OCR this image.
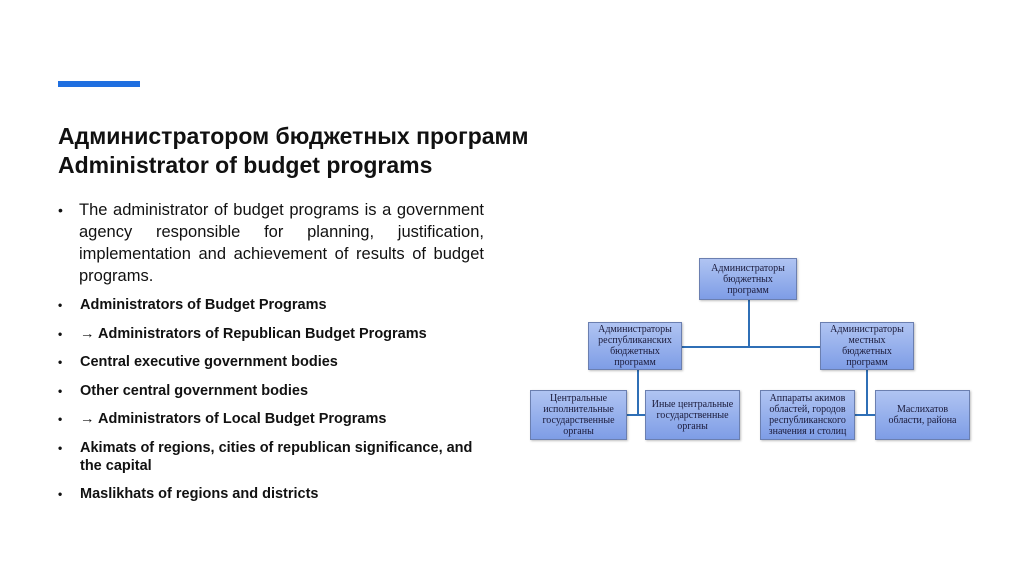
Администратором бюджетных программ
Administrator of budget programs
• The administrator of budget programs is a government agency responsible for planning, justification, implementation and achievement of results of budget programs.
• Administrators of Budget Programs
• → Administrators of Republican Budget Programs
• Central executive government bodies
• Other central government bodies
• → Administrators of Local Budget Programs
• Akimats of regions, cities of republican significance, and the capital
• Maslikhats of regions and districts
Администраторы бюджетных программ
Администраторы республиканских бюджетных программ
Администраторы местных бюджетных программ
Центральные исполнительные государственные органы
Иные центральные государственные органы
Аппараты акимов областей, городов республиканского значения и столиц
Маслихатов области, района
